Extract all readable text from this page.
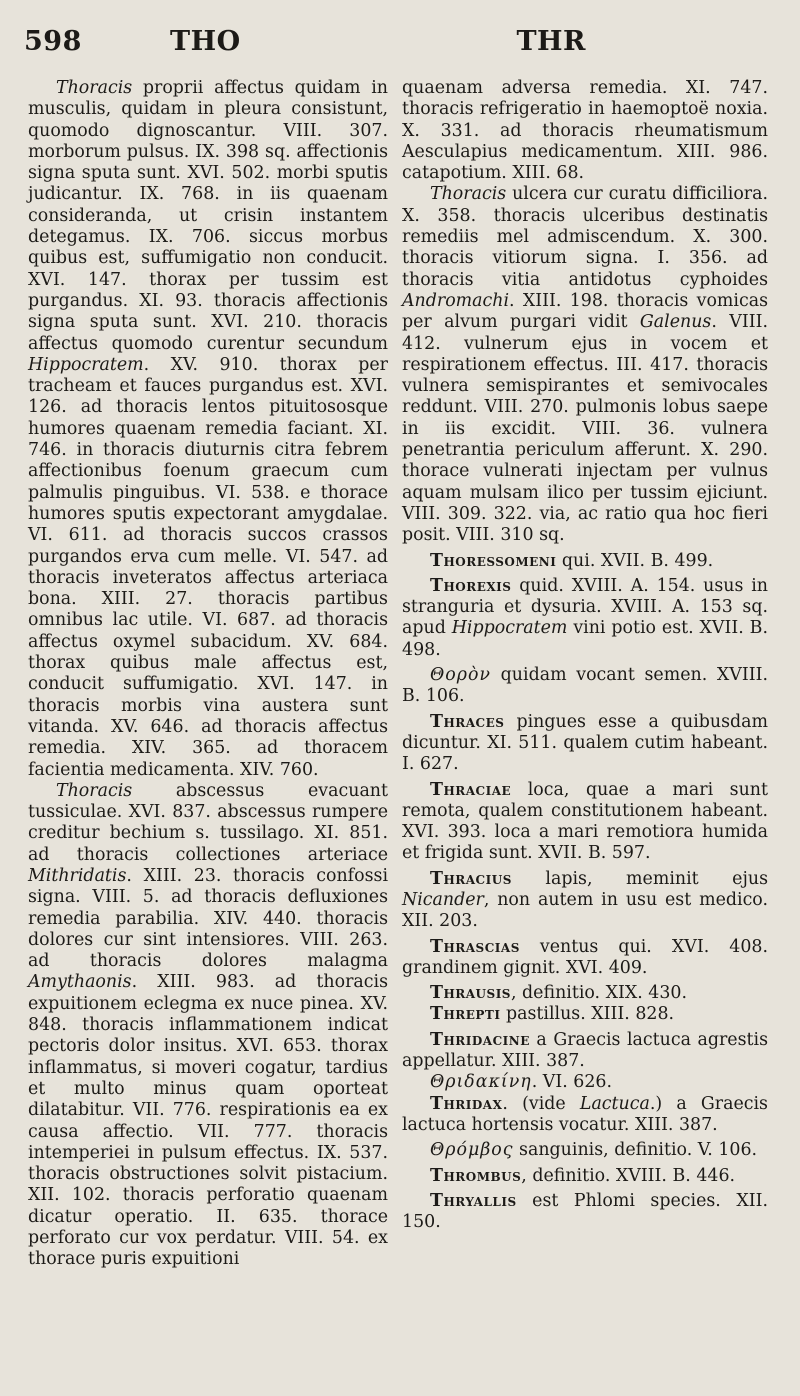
598	THO	THR

Thoracis proprii affectus quidam in musculis, quidam in pleura consistunt, quomodo dignoscantur. VIII. 307. morborum pulsus. IX. 398 sq. affectionis signa sputa sunt. XVI. 502. morbi sputis judicantur. IX. 768. in iis quaenam consideranda, ut crisin instantem detegamus. IX. 706. siccus morbus quibus est, suffumigatio non conducit. XVI. 147. thorax per tussim est purgandus. XI. 93. thoracis affectionis signa sputa sunt. XVI. 210. thoracis affectus quomodo curentur secundum Hippocratem. XV. 910. thorax per tracheam et fauces purgandus est. XVI. 126. ad thoracis lentos pituitososque humores quaenam remedia faciant. XI. 746. in thoracis diuturnis citra febrem affectionibus foenum graecum cum palmulis pinguibus. VI. 538. e thorace humores sputis expectorant amygdalae. VI. 611. ad thoracis succos crassos purgandos erva cum melle. VI. 547. ad thoracis inveteratos affectus arteriaca bona. XIII. 27. thoracis partibus omnibus lac utile. VI. 687. ad thoracis affectus oxymel subacidum. XV. 684. thorax quibus male affectus est, conducit suffumigatio. XVI. 147. in thoracis morbis vina austera sunt vitanda. XV. 646. ad thoracis affectus remedia. XIV. 365. ad thoracem facientia medicamenta. XIV. 760.

Thoracis abscessus evacuant tussiculae. XVI. 837. abscessus rumpere creditur bechium s. tussilago. XI. 851. ad thoracis collectiones arteriace Mithridatis. XIII. 23. thoracis confossi signa. VIII. 5. ad thoracis defluxiones remedia parabilia. XIV. 440. thoracis dolores cur sint intensiores. VIII. 263. ad thoracis dolores malagma Amythaonis. XIII. 983. ad thoracis expuitionem eclegma ex nuce pinea. XV. 848. thoracis inflammationem indicat pectoris dolor insitus. XVI. 653. thorax inflammatus, si moveri cogatur, tardius et multo minus quam oporteat dilatabitur. VII. 776. respirationis ea ex causa affectio. VII. 777. thoracis intemperiei in pulsum effectus. IX. 537. thoracis obstructiones solvit pistacium. XII. 102. thoracis perforatio quaenam dicatur operatio. II. 635. thorace perforato cur vox perdatur. VIII. 54. ex thorace puris expuitioni

quaenam adversa remedia. XI. 747. thoracis refrigeratio in haemoptoë noxia. X. 331. ad thoracis rheumatismum Aesculapius medicamentum. XIII. 986. catapotium. XIII. 68.

Thoracis ulcera cur curatu difficiliora. X. 358. thoracis ulceribus destinatis remediis mel admiscendum. X. 300. thoracis vitiorum signa. I. 356. ad thoracis vitia antidotus cyphoides Andromachi. XIII. 198. thoracis vomicas per alvum purgari vidit Galenus. VIII. 412. vulnerum ejus in vocem et respirationem effectus. III. 417. thoracis vulnera semispirantes et semivocales reddunt. VIII. 270. pulmonis lobus saepe in iis excidit. VIII. 36. vulnera penetrantia periculum afferunt. X. 290. thorace vulnerati injectam per vulnus aquam mulsam ilico per tussim ejiciunt. VIII. 309. 322. via, ac ratio qua hoc fieri posit. VIII. 310 sq.

Thoressomeni qui. XVII. B. 499.

Thorexis quid. XVIII. A. 154. usus in stranguria et dysuria. XVIII. A. 153 sq. apud Hippocratem vini potio est. XVII. B. 498.

Θορὸν quidam vocant semen. XVIII. B. 106.

Thraces pingues esse a quibusdam dicuntur. XI. 511. qualem cutim habeant. I. 627.

Thraciae loca, quae a mari sunt remota, qualem constitutionem habeant. XVI. 393. loca a mari remotiora humida et frigida sunt. XVII. B. 597.

Thracius lapis, meminit ejus Nicander, non autem in usu est medico. XII. 203.

Thrascias ventus qui. XVI. 408. grandinem gignit. XVI. 409.

Thrausis, definitio. XIX. 430.

Threpti pastillus. XIII. 828.

Thridacine a Graecis lactuca agrestis appellatur. XIII. 387.

Θριδακίνη. VI. 626.

Thridax. (vide Lactuca.) a Graecis lactuca hortensis vocatur. XIII. 387.

Θρόμβος sanguinis, definitio. V. 106.

Thrombus, definitio. XVIII. B. 446.

Thryallis est Phlomi species. XII. 150.
